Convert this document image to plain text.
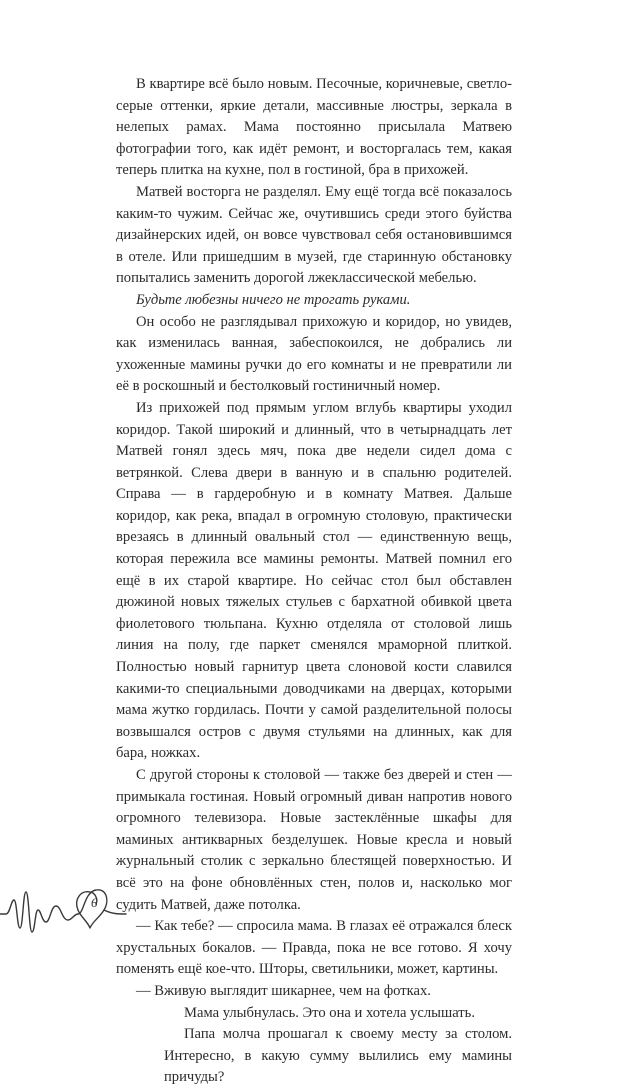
В квартире всё было новым. Песочные, коричневые, светло-серые оттенки, яркие детали, массивные люстры, зеркала в нелепых рамах. Мама постоянно присылала Матвею фотографии того, как идёт ремонт, и восторгалась тем, какая теперь плитка на кухне, пол в гостиной, бра в прихожей.

Матвей восторга не разделял. Ему ещё тогда всё показалось каким-то чужим. Сейчас же, очутившись среди этого буйства дизайнерских идей, он вовсе чувствовал себя остановившимся в отеле. Или пришедшим в музей, где старинную обстановку попытались заменить дорогой лжеклассической мебелью.

Будьте любезны ничего не трогать руками.

Он особо не разглядывал прихожую и коридор, но увидев, как изменилась ванная, забеспокоился, не добрались ли ухоженные мамины ручки до его комнаты и не превратили ли её в роскошный и бестолковый гостиничный номер.

Из прихожей под прямым углом вглубь квартиры уходил коридор. Такой широкий и длинный, что в четырнадцать лет Матвей гонял здесь мяч, пока две недели сидел дома с ветрянкой. Слева двери в ванную и в спальню родителей. Справа — в гардеробную и в комнату Матвея. Дальше коридор, как река, впадал в огромную столовую, практически врезаясь в длинный овальный стол — единственную вещь, которая пережила все мамины ремонты. Матвей помнил его ещё в их старой квартире. Но сейчас стол был обставлен дюжиной новых тяжелых стульев с бархатной обивкой цвета фиолетового тюльпана. Кухню отделяла от столовой лишь линия на полу, где паркет сменялся мраморной плиткой. Полностью новый гарнитур цвета слоновой кости славился какими-то специальными доводчиками на дверцах, которыми мама жутко гордилась. Почти у самой разделительной полосы возвышался остров с двумя стульями на длинных, как для бара, ножках.

С другой стороны к столовой — также без дверей и стен — примыкала гостиная. Новый огромный диван напротив нового огромного телевизора. Новые застеклённые шкафы для маминых антикварных безделушек. Новые кресла и новый журнальный столик с зеркально блестящей поверхностью. И всё это на фоне обновлённых стен, полов и, насколько мог судить Матвей, даже потолка.

— Как тебе? — спросила мама. В глазах её отражался блеск хрустальных бокалов. — Правда, пока не все готово. Я хочу поменять ещё кое-что. Шторы, светильники, может, картины.

— Вживую выглядит шикарнее, чем на фотках.

Мама улыбнулась. Это она и хотела услышать.

Папа молча прошагал к своему месту за столом. Интересно, в какую сумму вылились ему мамины причуды?

6
